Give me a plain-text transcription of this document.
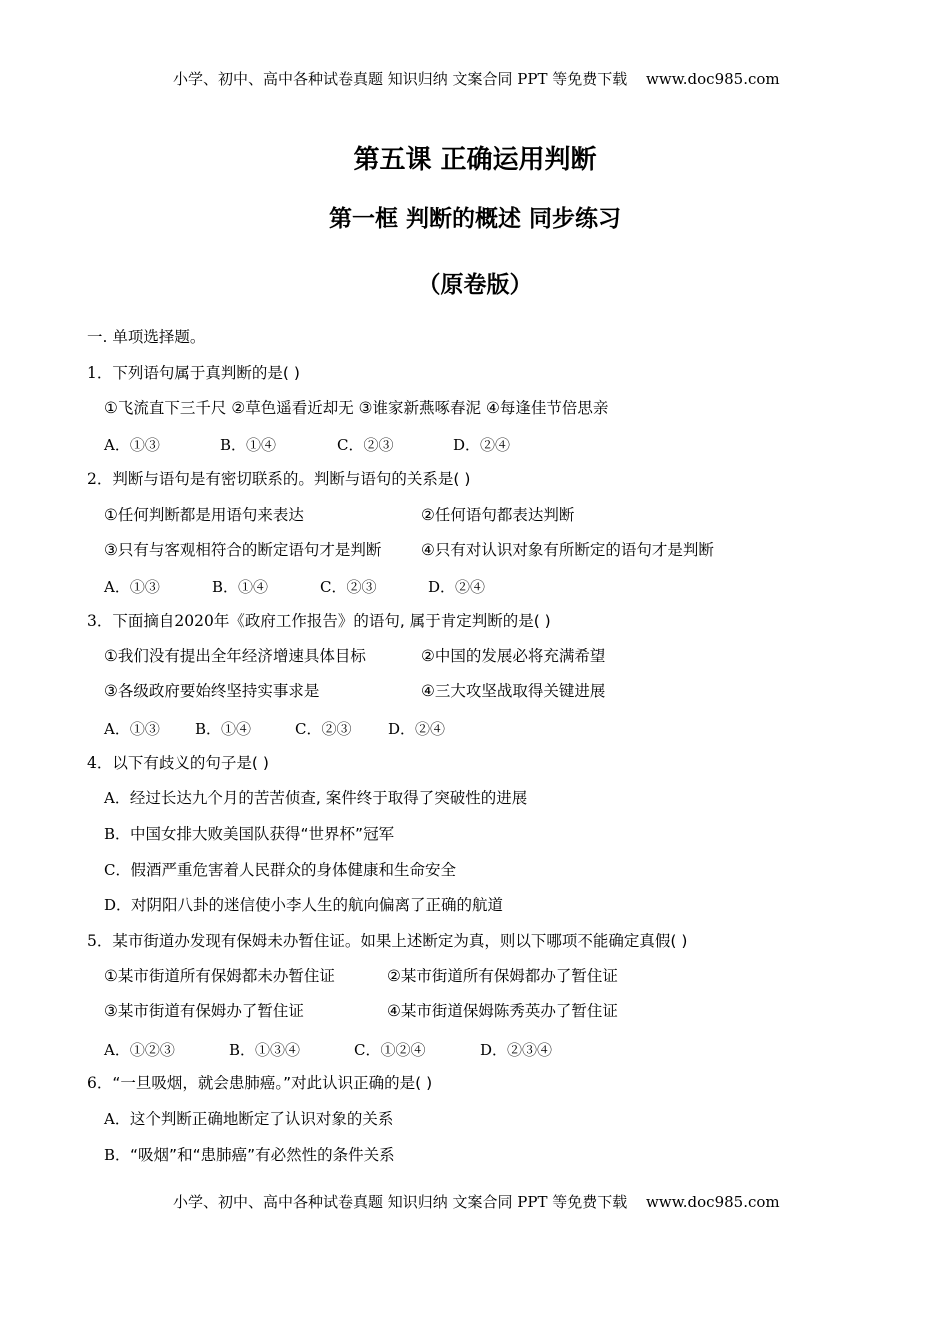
小学、初中、高中各种试卷真题 知识归纳 文案合同 PPT 等免费下载 www.doc985.com
第五课 正确运用判断
第一框 判断的概述 同步练习
（原卷版）
一. 单项选择题。
1．下列语句属于真判断的是( )
①飞流直下三千尺 ②草色遥看近却无 ③谁家新燕啄春泥 ④每逢佳节倍思亲
A．①③	B．①④	C．②③	D．②④
2．判断与语句是有密切联系的。判断与语句的关系是( )
①任何判断都是用语句来表达	②任何语句都表达判断
③只有与客观相符合的断定语句才是判断	④只有对认识对象有所断定的语句才是判断
A．①③	B．①④	C．②③	D．②④
3．下面摘自2020年《政府工作报告》的语句, 属于肯定判断的是( )
①我们没有提出全年经济增速具体目标	②中国的发展必将充满希望
③各级政府要始终坚持实事求是	④三大攻坚战取得关键进展
A．①③ B．①④	C．②③ D．②④
4．以下有歧义的句子是( )
A．经过长达九个月的苦苦侦查, 案件终于取得了突破性的进展
B．中国女排大败美国队获得“世界杯”冠军
C．假酒严重危害着人民群众的身体健康和生命安全
D．对阴阳八卦的迷信使小李人生的航向偏离了正确的航道
5．某市街道办发现有保姆未办暂住证。如果上述断定为真，则以下哪项不能确定真假( )
①某市街道所有保姆都未办暂住证	②某市街道所有保姆都办了暂住证
③某市街道有保姆办了暂住证	④某市街道保姆陈秀英办了暂住证
A．①②③	B．①③④	C．①②④	D．②③④
6．“一旦吸烟，就会患肺癌。”对此认识正确的是( )
A．这个判断正确地断定了认识对象的关系
B．“吸烟”和“患肺癌”有必然性的条件关系
小学、初中、高中各种试卷真题 知识归纳 文案合同 PPT 等免费下载 www.doc985.com
